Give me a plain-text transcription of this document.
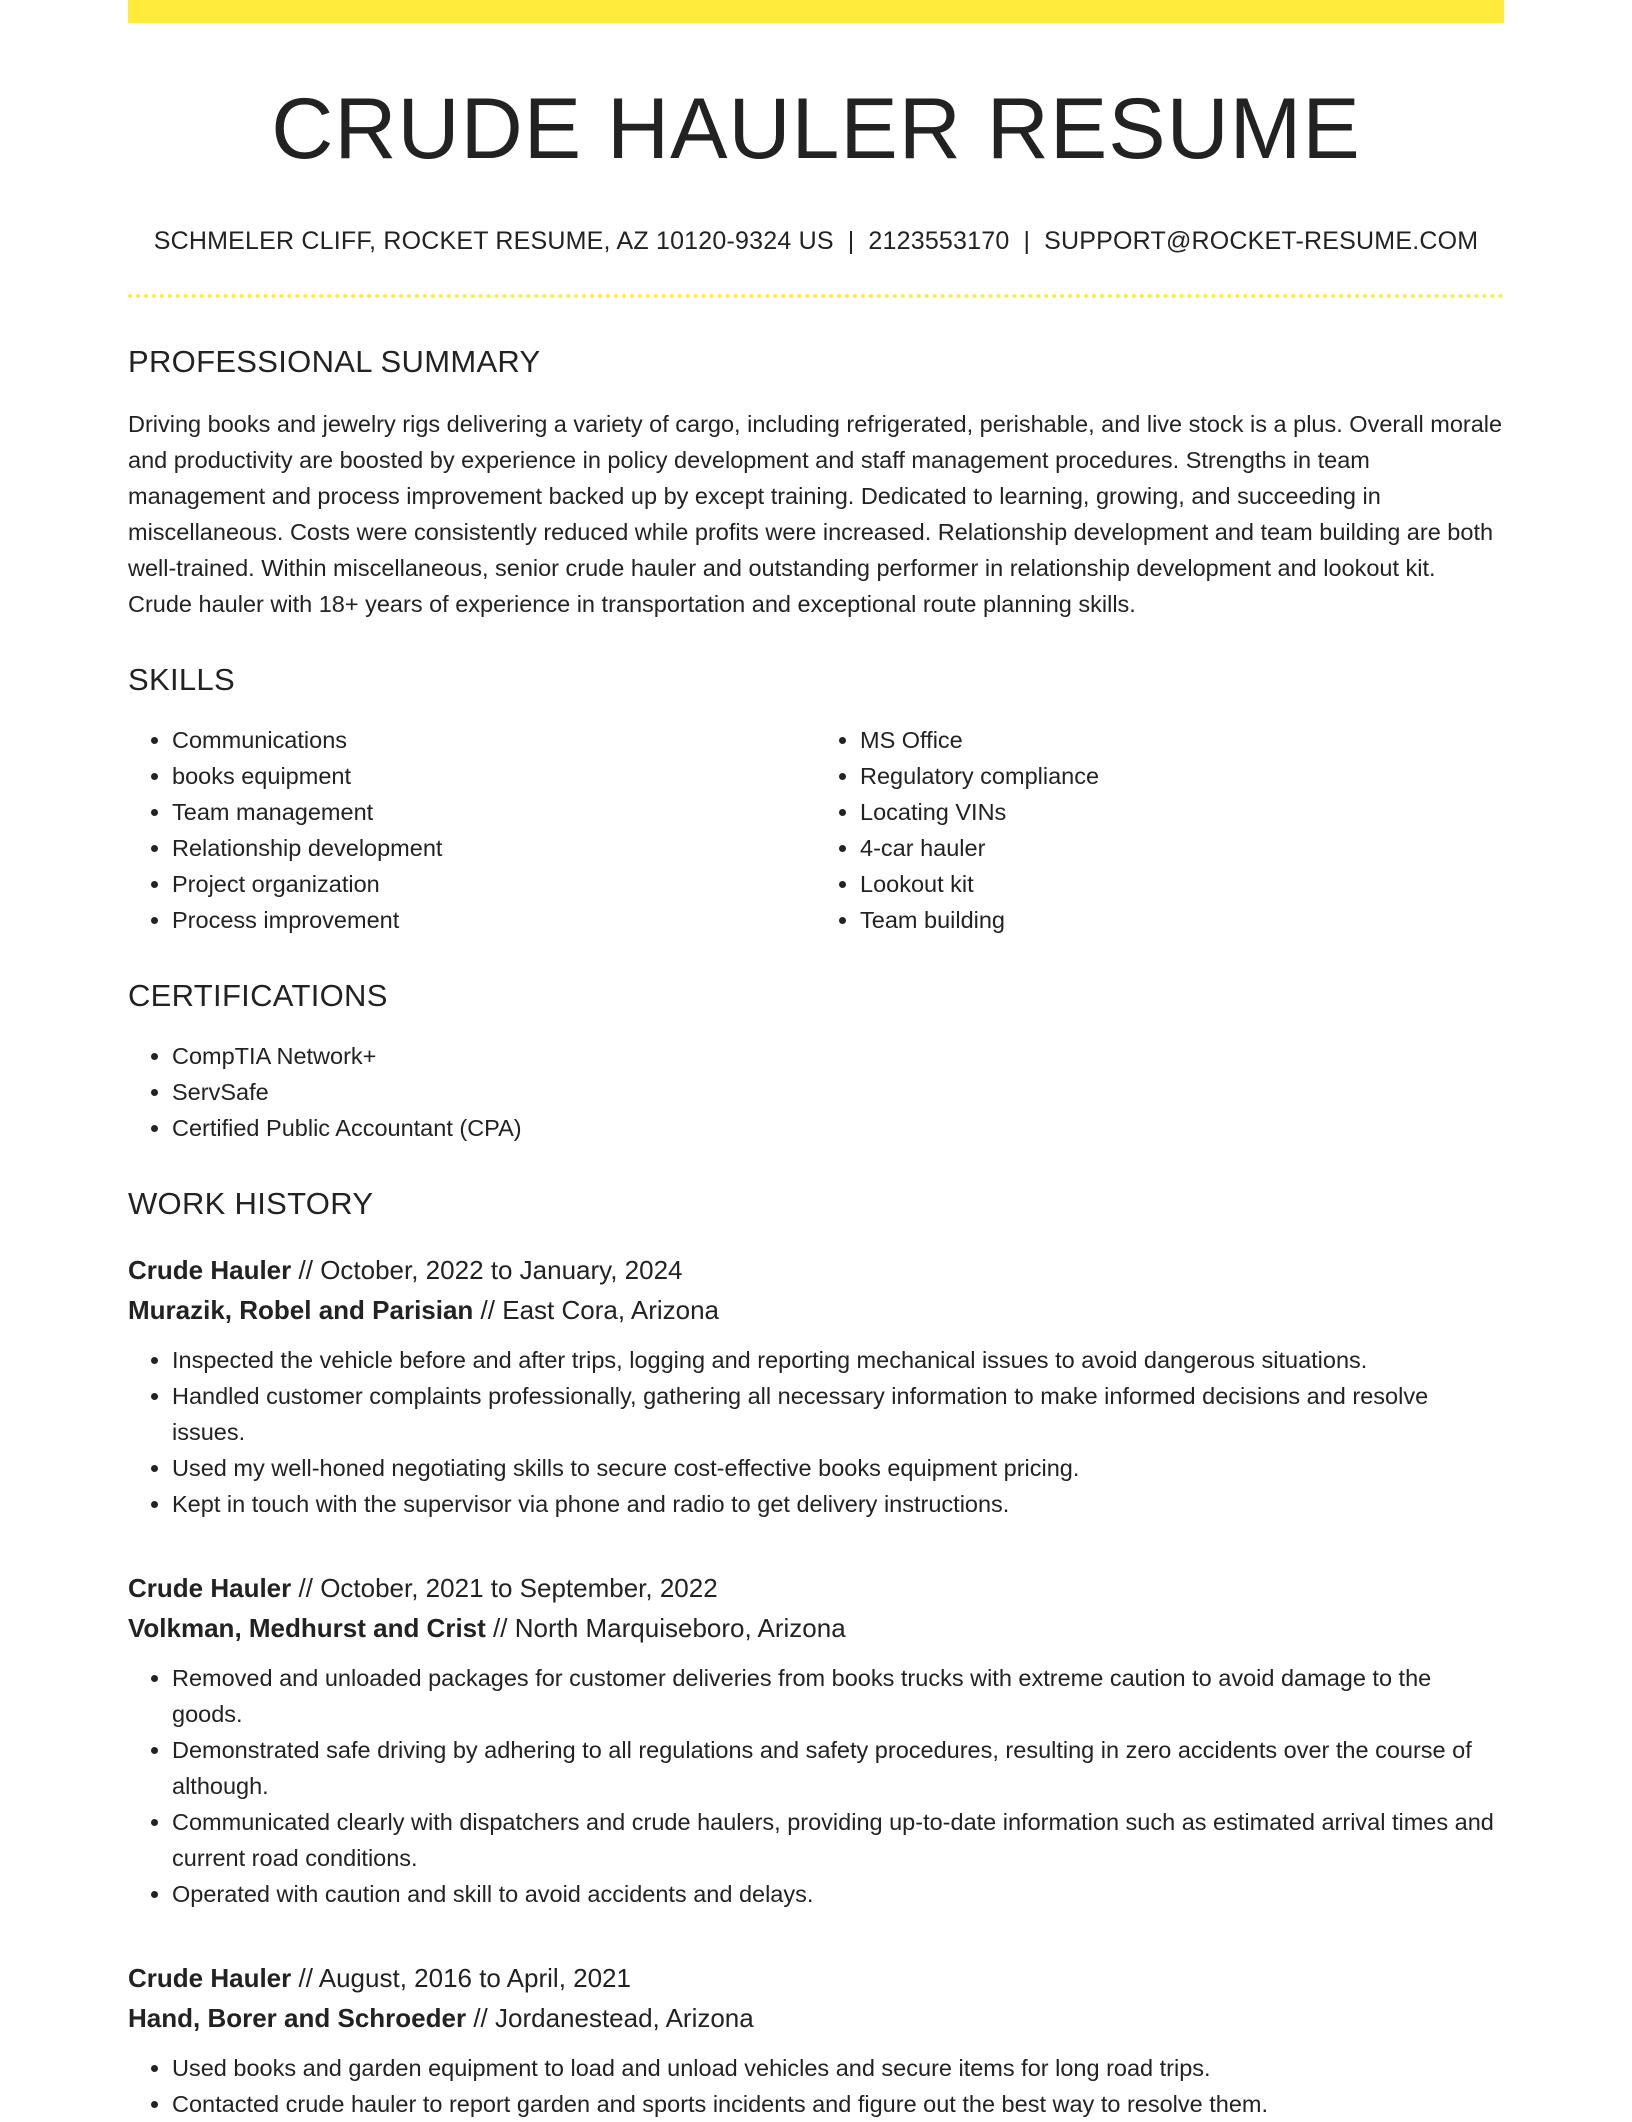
CRUDE HAULER RESUME
SCHMELER CLIFF, ROCKET RESUME, AZ 10120-9324 US | 2123553170 | SUPPORT@ROCKET-RESUME.COM
PROFESSIONAL SUMMARY

Driving books and jewelry rigs delivering a variety of cargo, including refrigerated, perishable, and live stock is a plus. Overall morale and productivity are boosted by experience in policy development and staff management procedures. Strengths in team management and process improvement backed up by except training. Dedicated to learning, growing, and succeeding in miscellaneous. Costs were consistently reduced while profits were increased. Relationship development and team building are both well-trained. Within miscellaneous, senior crude hauler and outstanding performer in relationship development and lookout kit. Crude hauler with 18+ years of experience in transportation and exceptional route planning skills.

SKILLS
• Communications
• books equipment
• Team management
• Relationship development
• Project organization
• Process improvement
• MS Office
• Regulatory compliance
• Locating VINs
• 4-car hauler
• Lookout kit
• Team building
CERTIFICATIONS
• CompTIA Network+
• ServSafe
• Certified Public Accountant (CPA)
WORK HISTORY
Crude Hauler // October, 2022 to January, 2024
Murazik, Robel and Parisian // East Cora, Arizona
• Inspected the vehicle before and after trips, logging and reporting mechanical issues to avoid dangerous situations.
• Handled customer complaints professionally, gathering all necessary information to make informed decisions and resolve issues.
• Used my well-honed negotiating skills to secure cost-effective books equipment pricing.
• Kept in touch with the supervisor via phone and radio to get delivery instructions.
Crude Hauler // October, 2021 to September, 2022
Volkman, Medhurst and Crist // North Marquiseboro, Arizona
• Removed and unloaded packages for customer deliveries from books trucks with extreme caution to avoid damage to the goods.
• Demonstrated safe driving by adhering to all regulations and safety procedures, resulting in zero accidents over the course of although.
• Communicated clearly with dispatchers and crude haulers, providing up-to-date information such as estimated arrival times and current road conditions.
• Operated with caution and skill to avoid accidents and delays.
Crude Hauler // August, 2016 to April, 2021
Hand, Borer and Schroeder // Jordanestead, Arizona
• Used books and garden equipment to load and unload vehicles and secure items for long road trips.
• Contacted crude hauler to report garden and sports incidents and figure out the best way to resolve them.
